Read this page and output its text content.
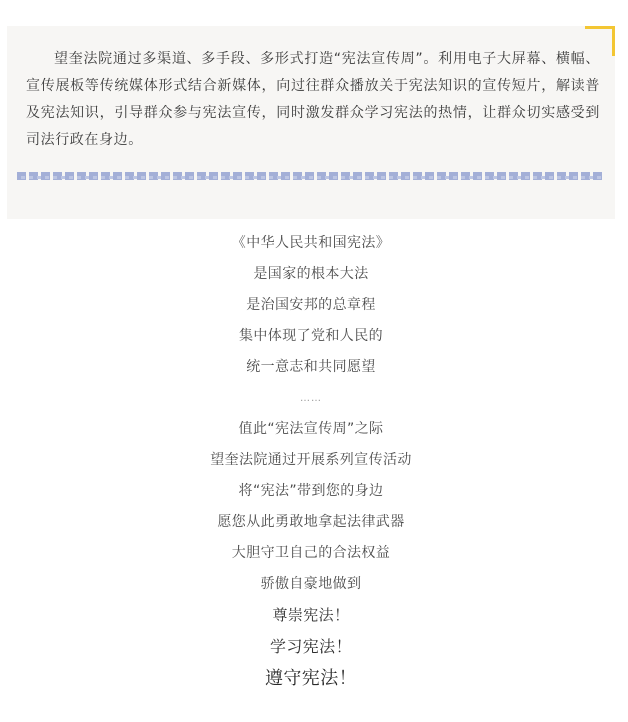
望奎法院通过多渠道、多手段、多形式打造“宪法宣传周”。利用电子大屏幕、横幅、宣传展板等传统媒体形式结合新媒体，向过往群众播放关于宪法知识的宣传短片，解读普及宪法知识，引导群众参与宪法宣传，同时激发群众学习宪法的热情，让群众切实感受到司法行政在身边。

《中华人民共和国宪法》
是国家的根本大法
是治国安邦的总章程
集中体现了党和人民的
统一意志和共同愿望
……
值此“宪法宣传周”之际
望奎法院通过开展系列宣传活动
将“宪法”带到您的身边
愿您从此勇敢地拿起法律武器
大胆守卫自己的合法权益
骄傲自豪地做到
尊崇宪法！
学习宪法！
遵守宪法！
